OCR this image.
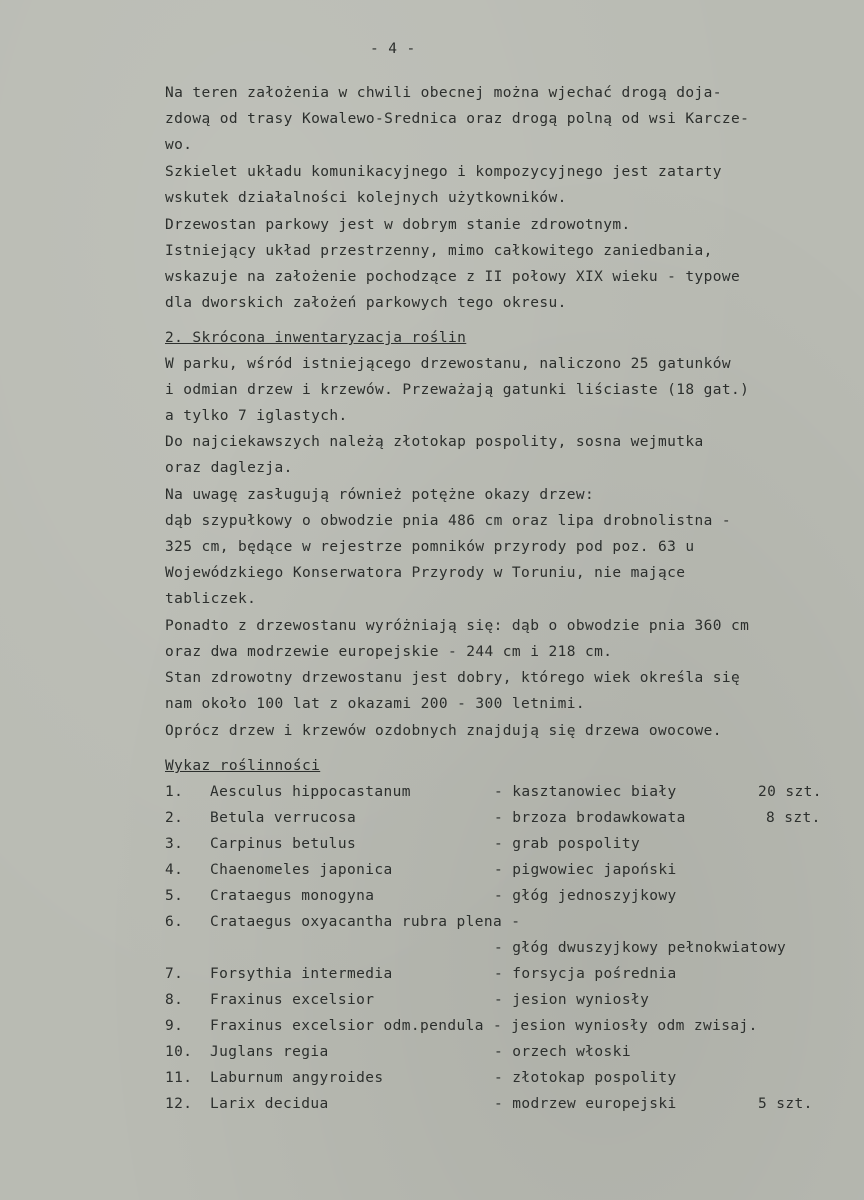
- 4 -
Na teren założenia w chwili obecnej można wjechać drogą doja-
zdową od trasy Kowalewo-Srednica oraz drogą polną od wsi Karcze-
wo.
Szkielet układu komunikacyjnego i kompozycyjnego jest zatarty
wskutek działalności kolejnych użytkowników.
Drzewostan parkowy jest w dobrym stanie zdrowotnym.
Istniejący układ przestrzenny, mimo całkowitego zaniedbania,
wskazuje na założenie pochodzące z II połowy XIX wieku - typowe
dla dworskich założeń parkowych tego okresu.
2. Skrócona inwentaryzacja roślin
W parku, wśród istniejącego drzewostanu, naliczono 25 gatunków
i odmian drzew i krzewów. Przeważają gatunki liściaste (18 gat.)
a tylko 7 iglastych.
Do najciekawszych należą złotokap pospolity, sosna wejmutka
oraz daglezja.
Na uwagę zasługują również potężne okazy drzew:
dąb szypułkowy o obwodzie pnia 486 cm oraz lipa drobnolistna -
325 cm, będące w rejestrze pomników przyrody pod poz. 63 u
Wojewódzkiego Konserwatora Przyrody w Toruniu, nie mające
tabliczek.
Ponadto z drzewostanu wyróżniają się: dąb o obwodzie pnia 360 cm
oraz dwa modrzewie europejskie - 244 cm i 218 cm.
Stan zdrowotny drzewostanu jest dobry, którego wiek określa się
nam około 100 lat z okazami 200 - 300 letnimi.
Oprócz drzew i krzewów ozdobnych znajdują się drzewa owocowe.
Wykaz roślinności
1. Aesculus hippocastanum	- kasztanowiec biały	20 szt.
2. Betula verrucosa	- brzoza brodawkowata	8 szt.
3. Carpinus betulus	- grab pospolity
4. Chaenomeles japonica	- pigwowiec japoński
5. Crataegus monogyna	- głóg jednoszyjkowy
6. Crataegus oxyacantha rubra plena -
- głóg dwuszyjkowy pełnokwiatowy
7. Forsythia intermedia	- forsycja pośrednia
8. Fraxinus excelsior	- jesion wyniosły
9. Fraxinus excelsior odm.pendula - jesion wyniosły odm zwisaj.
10. Juglans regia	- orzech włoski
11. Laburnum angyroides	- złotokap pospolity
12. Larix decidua	- modrzew europejski	5 szt.
